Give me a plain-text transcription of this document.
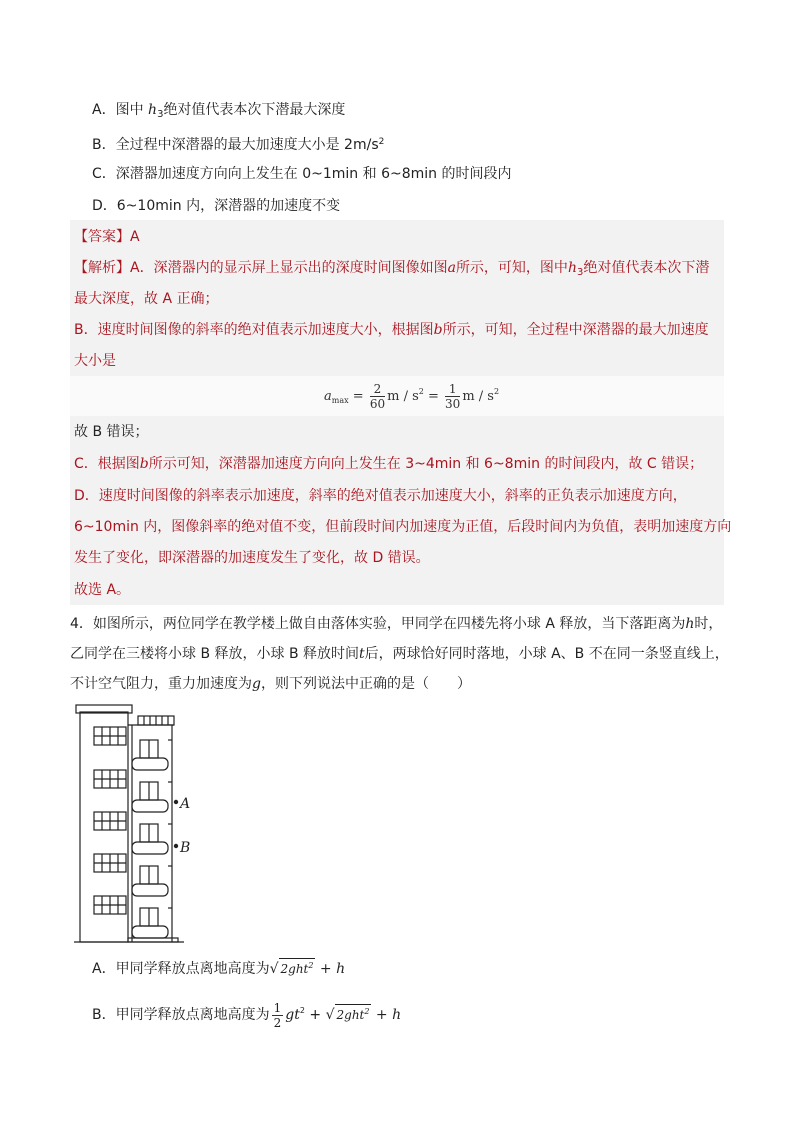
A．图中 $h_3$绝对值代表本次下潜最大深度
B．全过程中深潜器的最大加速度大小是 $2m/s^2$
C．深潜器加速度方向向上发生在 0~1min 和 6~8min 的时间段内
D．6~10min 内，深潜器的加速度不变
【答案】A
【解析】A．深潜器内的显示屏上显示出的深度时间图像如图a所示，可知，图中$h_3$绝对值代表本次下潜
最大深度，故 A 正确；
B．速度时间图像的斜率的绝对值表示加速度大小，根据图b所示，可知，全过程中深潜器的最大加速度
大小是
$a_{max} = \frac{2}{60}$ $m / s^2 = \frac{1}{30}$ m / $s^2$
故 B 错误；
C．根据图b所示可知，深潜器加速度方向向上发生在 3~4min 和 6~8min 的时间段内，故 C 错误；
D．速度时间图像的斜率表示加速度，斜率的绝对值表示加速度大小，斜率的正负表示加速度方向，
6~10min 内，图像斜率的绝对值不变，但前段时间内加速度为正值，后段时间内为负值，表明加速度方向
发生了变化，即深潜器的加速度发生了变化，故 D 错误。
故选 A。
4．如图所示，两位同学在教学楼上做自由落体实验，甲同学在四楼先将小球 A 释放，当下落距离为h时，
乙同学在三楼将小球 B 释放，小球 B 释放时间t后，两球恰好同时落地，小球 A、B 不在同一条竖直线上，
不计空气阻力，重力加速度为g，则下列说法中正确的是（　　）
A
B
A．甲同学释放点离地高度为√ 2ght$^2$ + h
B．甲同学释放点离地高度为 $\frac{1}{2} gt^2$ + √ 2ght$^2$ + h
